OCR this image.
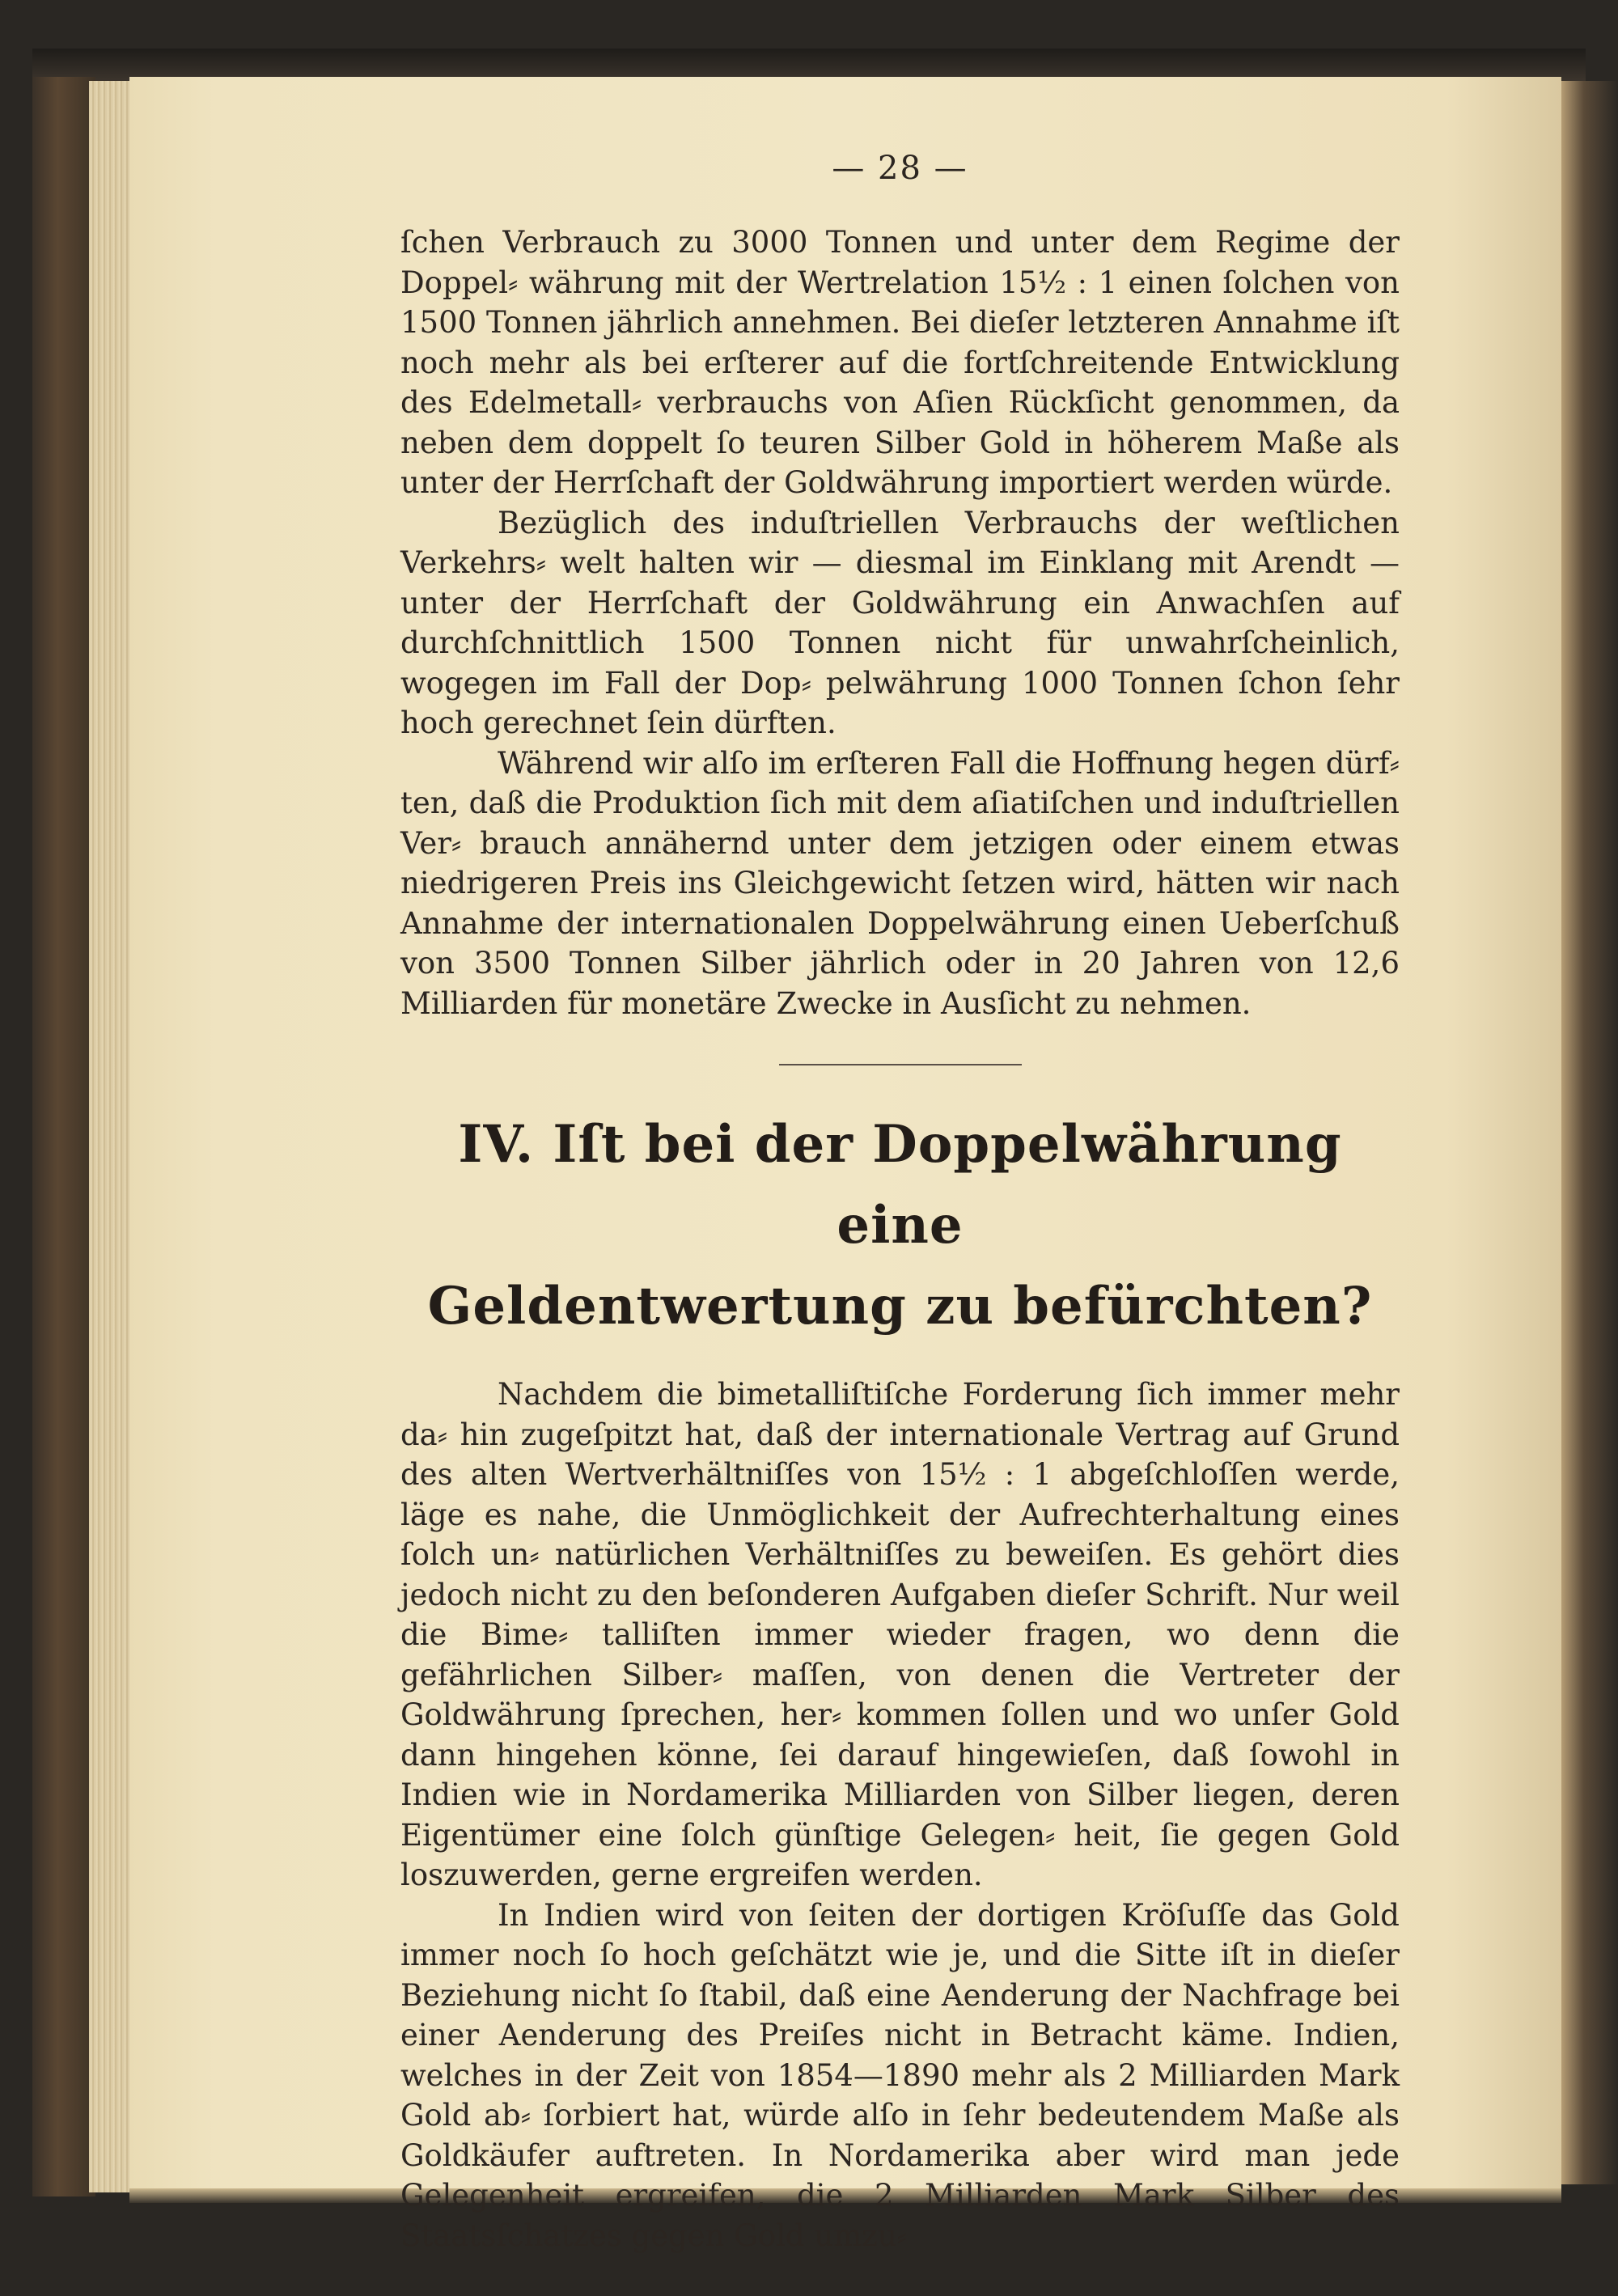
— 28 —

ſchen Verbrauch zu 3000 Tonnen und unter dem Regime der Doppel⸗ währung mit der Wertrelation 15½ : 1 einen ſolchen von 1500 Tonnen jährlich annehmen. Bei dieſer letzteren Annahme iſt noch mehr als bei erſterer auf die fortſchreitende Entwicklung des Edelmetall⸗ verbrauchs von Aſien Rückſicht genommen, da neben dem doppelt ſo teuren Silber Gold in höherem Maße als unter der Herrſchaft der Goldwährung importiert werden würde.

Bezüglich des induſtriellen Verbrauchs der weſtlichen Verkehrs⸗ welt halten wir — diesmal im Einklang mit Arendt — unter der Herrſchaft der Goldwährung ein Anwachſen auf durchſchnittlich 1500 Tonnen nicht für unwahrſcheinlich, wogegen im Fall der Dop⸗ pelwährung 1000 Tonnen ſchon ſehr hoch gerechnet ſein dürften.

Während wir alſo im erſteren Fall die Hoffnung hegen dürf⸗ ten, daß die Produktion ſich mit dem aſiatiſchen und induſtriellen Ver⸗ brauch annähernd unter dem jetzigen oder einem etwas niedrigeren Preis ins Gleichgewicht ſetzen wird, hätten wir nach Annahme der internationalen Doppelwährung einen Ueberſchuß von 3500 Tonnen Silber jährlich oder in 20 Jahren von 12,6 Milliarden für monetäre Zwecke in Ausſicht zu nehmen.

IV. Iſt bei der Doppelwährung eine
Geldentwertung zu befürchten?

Nachdem die bimetalliſtiſche Forderung ſich immer mehr da⸗ hin zugeſpitzt hat, daß der internationale Vertrag auf Grund des alten Wertverhältniſſes von 15½ : 1 abgeſchloſſen werde, läge es nahe, die Unmöglichkeit der Aufrechterhaltung eines ſolch un⸗ natürlichen Verhältniſſes zu beweiſen. Es gehört dies jedoch nicht zu den beſonderen Aufgaben dieſer Schrift. Nur weil die Bime⸗ talliſten immer wieder fragen, wo denn die gefährlichen Silber⸗ maſſen, von denen die Vertreter der Goldwährung ſprechen, her⸗ kommen ſollen und wo unſer Gold dann hingehen könne, ſei darauf hingewieſen, daß ſowohl in Indien wie in Nordamerika Milliarden von Silber liegen, deren Eigentümer eine ſolch günſtige Gelegen⸗ heit, ſie gegen Gold loszuwerden, gerne ergreifen werden.

In Indien wird von ſeiten der dortigen Kröſuſſe das Gold immer noch ſo hoch geſchätzt wie je, und die Sitte iſt in dieſer Beziehung nicht ſo ſtabil, daß eine Aenderung der Nachfrage bei einer Aenderung des Preiſes nicht in Betracht käme. Indien, welches in der Zeit von 1854—1890 mehr als 2 Milliarden Mark Gold ab⸗ ſorbiert hat, würde alſo in ſehr bedeutendem Maße als Goldkäufer auftreten. In Nordamerika aber wird man jede Gelegenheit ergreifen, die 2 Milliarden Mark Silber des Staatsſchatzes gegen Gold umzu⸗
